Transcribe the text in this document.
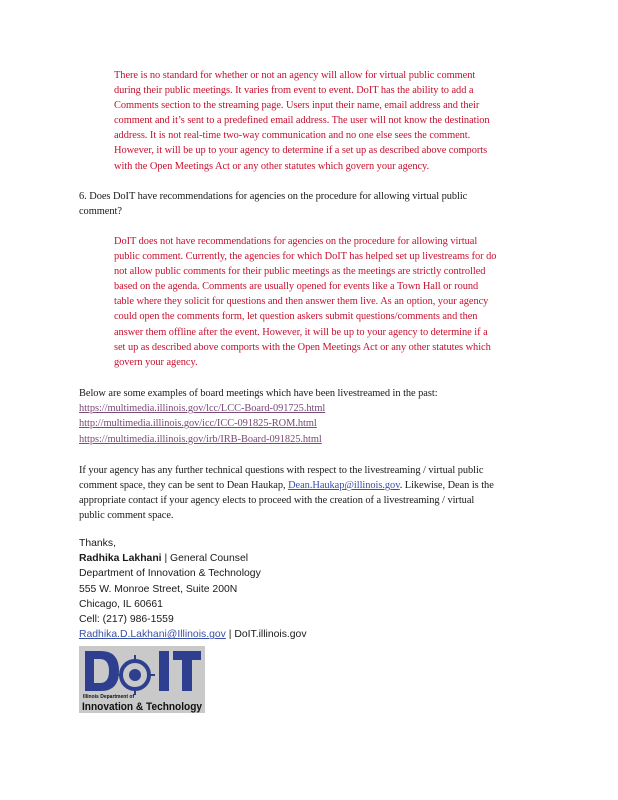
There is no standard for whether or not an agency will allow for virtual public comment
during their public meetings. It varies from event to event. DoIT has the ability to add a
Comments section to the streaming page. Users input their name, email address and their
comment and it’s sent to a predefined email address. The user will not know the destination
address. It is not real-time two-way communication and no one else sees the comment.
However, it will be up to your agency to determine if a set up as described above comports
with the Open Meetings Act or any other statutes which govern your agency.
6. Does DoIT have recommendations for agencies on the procedure for allowing virtual public
comment?
DoIT does not have recommendations for agencies on the procedure for allowing virtual
public comment. Currently, the agencies for which DoIT has helped set up livestreams for do
not allow public comments for their public meetings as the meetings are strictly controlled
based on the agenda. Comments are usually opened for events like a Town Hall or round
table where they solicit for questions and then answer them live. As an option, your agency
could open the comments form, let question askers submit questions/comments and then
answer them offline after the event. However, it will be up to your agency to determine if a
set up as described above comports with the Open Meetings Act or any other statutes which
govern your agency.
Below are some examples of board meetings which have been livestreamed in the past:
https://multimedia.illinois.gov/lcc/LCC-Board-091725.html
http://multimedia.illinois.gov/icc/ICC-091825-ROM.html
https://multimedia.illinois.gov/irb/IRB-Board-091825.html
If your agency has any further technical questions with respect to the livestreaming / virtual public
comment space, they can be sent to Dean Haukap, Dean.Haukap@illinois.gov. Likewise, Dean is the
appropriate contact if your agency elects to proceed with the creation of a livestreaming / virtual
public comment space.
Thanks,
Radhika Lakhani | General Counsel
Department of Innovation & Technology
555 W. Monroe Street, Suite 200N
Chicago, IL 60661
Cell: (217) 986-1559
Radhika.D.Lakhani@Illinois.gov | DoIT.illinois.gov
Illinois Department of
Innovation & Technology
